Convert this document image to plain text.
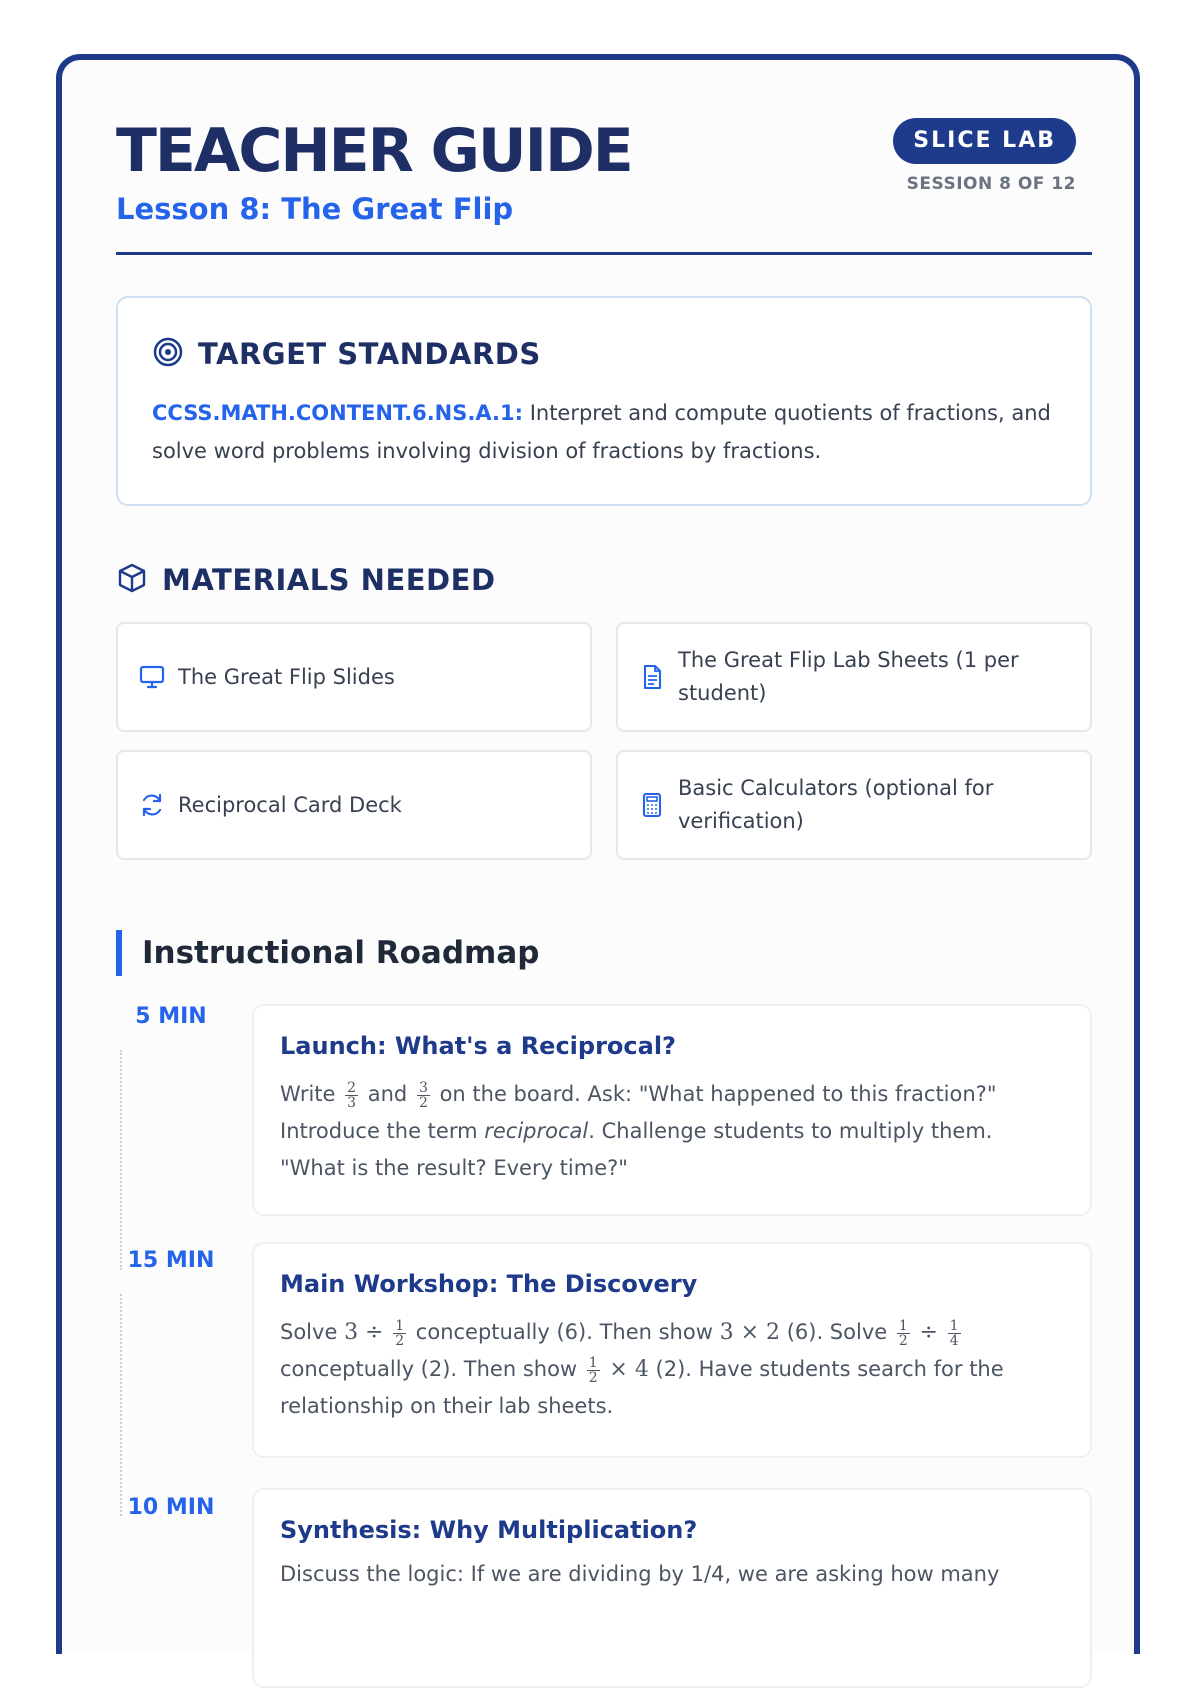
TEACHER GUIDE
Lesson 8: The Great Flip
SLICE LAB
SESSION 8 OF 12
TARGET STANDARDS
CCSS.MATH.CONTENT.6.NS.A.1: Interpret and compute quotients of fractions, and solve word problems involving division of fractions by fractions.
MATERIALS NEEDED
The Great Flip Slides
The Great Flip Lab Sheets (1 per student)
Reciprocal Card Deck
Basic Calculators (optional for verification)
Instructional Roadmap
5 MIN
15 MIN
10 MIN
Launch: What's a Reciprocal?
Write $\frac{2}{3}$ and $\frac{3}{2}$ on the board. Ask: "What happened to this fraction?" Introduce the term reciprocal. Challenge students to multiply them. "What is the result? Every time?"
Main Workshop: The Discovery
Solve $3 \div \frac{1}{2}$ conceptually (6). Then show 3 × 2 (6). Solve $\frac{1}{2} \div \frac{1}{4}$
conceptually (2). Then show $\frac{1}{2} \times 4$ (2). Have students search for the relationship on their lab sheets.
Synthesis: Why Multiplication?
Discuss the logic: If we are dividing by 1/4, we are asking how many
